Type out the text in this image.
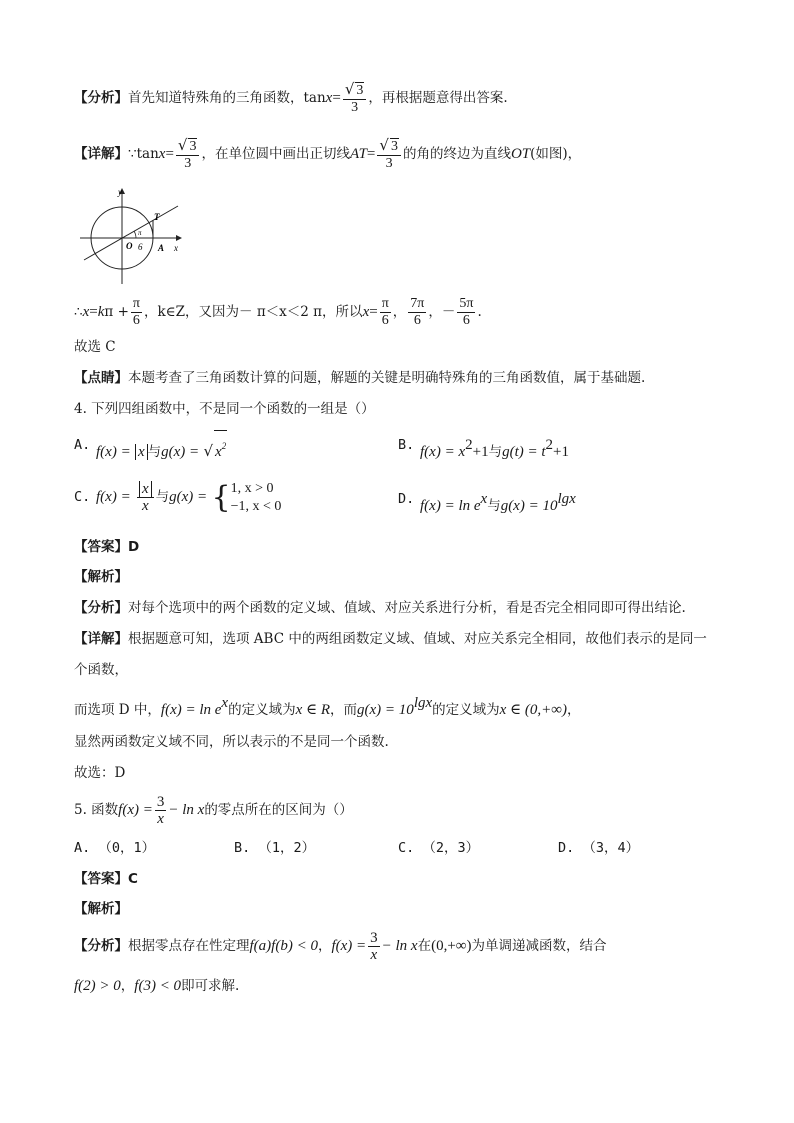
【分析】首先知道特殊角的三角函数，$\tan x= \frac{√ 3}{3}$ ，再根据题意得出答案.
【详解】∵tanx= $\frac{√ 3}{3}$ ，在单位圆中画出正切线$AT= \frac{√ 3}{3}$ 的角的终边为直线OT(如图)，
y
x
O	A
T
π
6
∴x=kπ + $\frac{\pi}{6}$ ，k∈Z，又因为－ π＜x＜2 π，所以$x= \frac{\pi}{6}$ ， $\frac{7\pi}{6}$ ，－ $\frac{5\pi}{6}$ .
故选 C
【点睛】本题考查了三角函数计算的问题，解题的关键是明确特殊角的三角函数值，属于基础题.
4. 下列四组函数中，不是同一个函数的一组是（）
A. f(x) = x 与g(x) = √ $x^2$	B. $f(x) = x^2+1$与$g(t) = t^2+1$
C. $f(x) = \frac{x}{x}$ 与g(x) = { 1, x > 0
−1, x < 0	D. $f(x) = \ln e^x$与$g(x) = 10^{lgx}$
【答案】D
【解析】
【分析】对每个选项中的两个函数的定义域、值域、对应关系进行分析，看是否完全相同即可得出结论.
【详解】根据题意可知，选项 ABC 中的两组函数定义域、值域、对应关系完全相同，故他们表示的是同一
个函数，
而选项 D 中，$f(x) = \ln e^x$的定义域为x ∈ R，而$g(x) = 10^{lgx}$的定义域为x ∈ (0,+∞)，
显然两函数定义域不同，所以表示的不是同一个函数.
故选：D
5. 函数$f(x) = \frac{3}{x} - \ln x$的零点所在的区间为（）
A. （0，1）	B. （1，2）	C. （2，3）	D. （3，4）
【答案】C
【解析】
【分析】根据零点存在性定理f(a)f(b) < 0，$f(x) = \frac{3}{x} - \ln x$在(0,+∞)为单调递减函数，结合
f(2) > 0，f(3) < 0即可求解.
